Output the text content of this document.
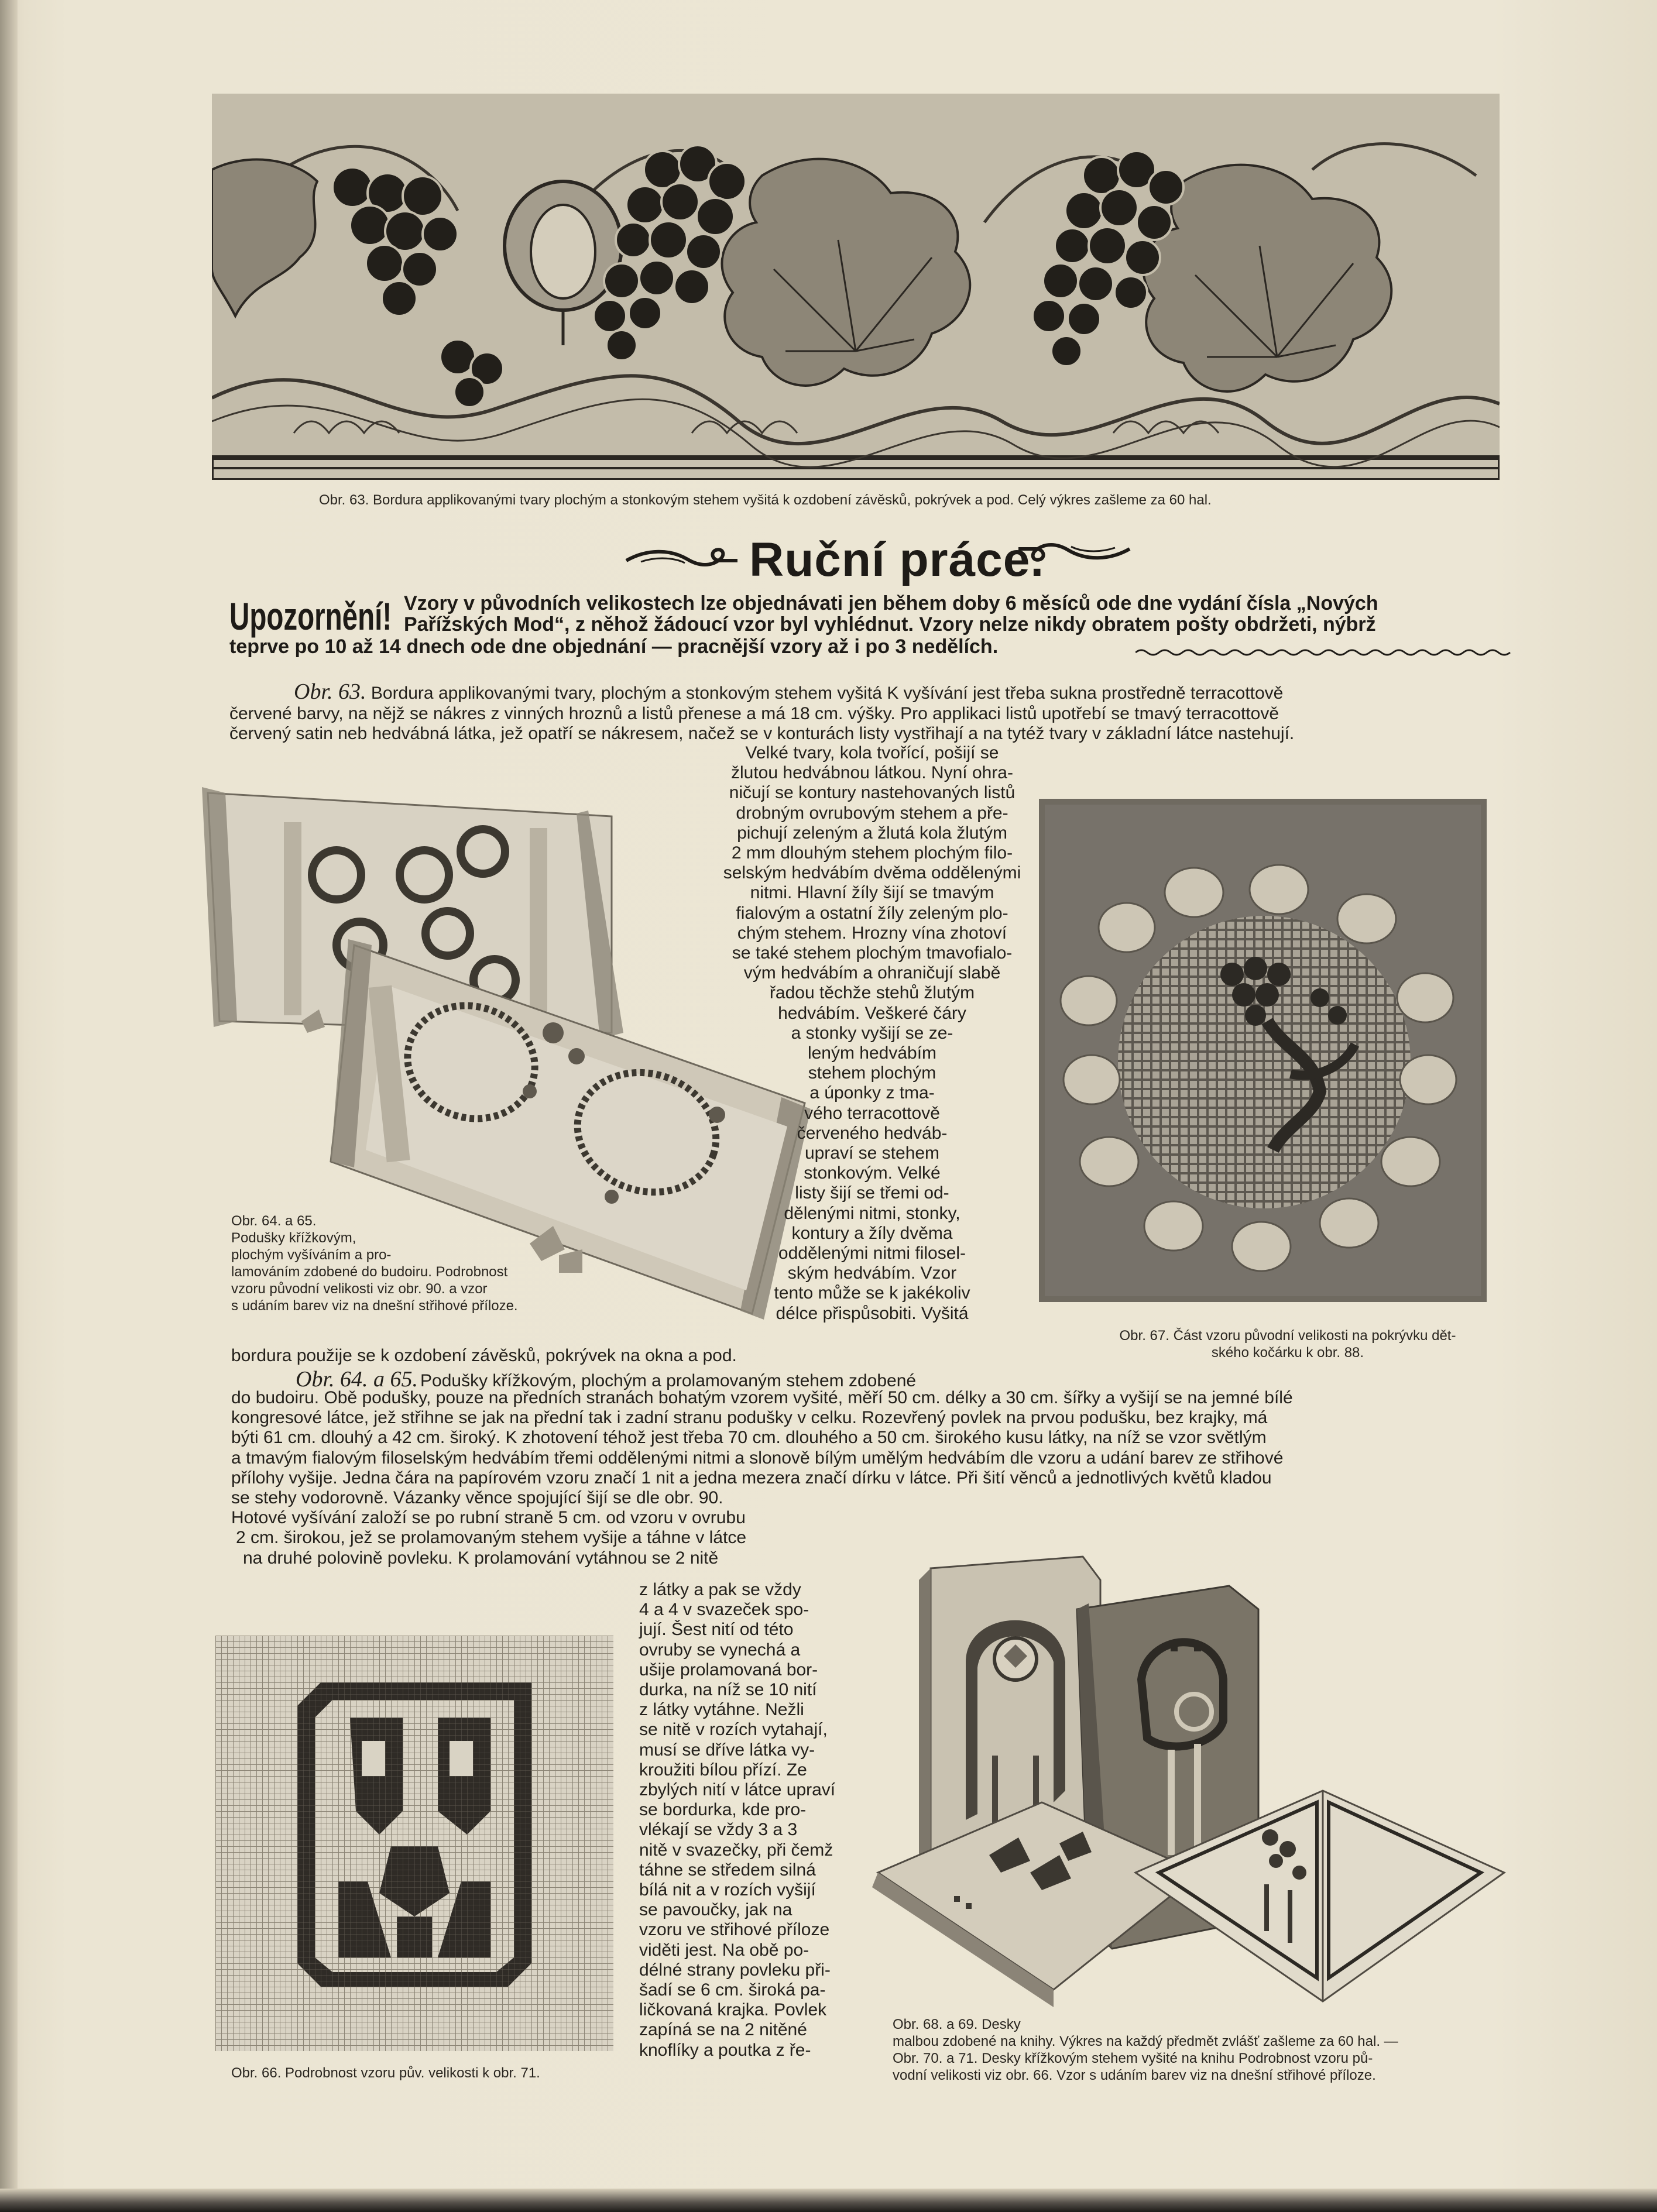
Obr. 63. Bordura applikovanými tvary plochým a stonkovým stehem vyšitá k ozdobení závěsků, pokrývek a pod. Celý výkres zašleme za 60 hal.
Ruční práce.
Upozornění! Vzory v původních velikostech lze objednávati jen během doby 6 měsíců ode dne vydání čísla „Nových
Pařížských Mod“, z něhož žádoucí vzor byl vyhlédnut. Vzory nelze nikdy obratem pošty obdržeti, nýbrž
teprve po 10 až 14 dnech ode dne objednání — pracnější vzory až i po 3 nedělích.
Obr. 63. Bordura applikovanými tvary, plochým a stonkovým stehem vyšitá K vyšívání jest třeba sukna prostředně terracottově
červené barvy, na nějž se nákres z vinných hroznů a listů přenese a má 18 cm. výšky. Pro applikaci listů upotřebí se tmavý terracottově
červený satin neb hedvábná látka, jež opatří se nákresem, načež se v konturách listy vystřihají a na tytéž tvary v základní látce nastehují.
Obr. 64. a 65.
Podušky křížkovým,
plochým vyšíváním a pro-
lamováním zdobené do budoiru. Podrobnost
vzoru původní velikosti viz obr. 90. a vzor
s udáním barev viz na dnešní střihové příloze.
Velké tvary, kola tvořící, pošijí se
žlutou hedvábnou látkou. Nyní ohra-
ničují se kontury nastehovaných listů
drobným ovrubovým stehem a pře-
pichují zeleným a žlutá kola žlutým
2 mm dlouhým stehem plochým filo-
selským hedvábím dvěma oddělenými
nitmi. Hlavní žíly šijí se tmavým
fialovým a ostatní žíly zeleným plo-
chým stehem. Hrozny vína zhotoví
se také stehem plochým tmavofialo-
vým hedvábím a ohraničují slabě
řadou těchže stehů žlutým
hedvábím. Veškeré čáry
a stonky vyšijí se ze-
leným hedvábím
stehem plochým
a úponky z tma-
vého terracottově
červeného hedváb-
upraví se stehem
stonkovým. Velké
listy šijí se třemi od-
dělenými nitmi, stonky,
kontury a žíly dvěma
oddělenými nitmi filosel-
ským hedvábím. Vzor
tento může se k jakékoliv
délce přispůsobiti. Vyšitá
Obr. 67. Část vzoru původní velikosti na pokrývku dět-
ského kočárku k obr. 88.
bordura použije se k ozdobení závěsků, pokrývek na okna a pod.
Obr. 64. a 65. Podušky křížkovým, plochým a prolamovaným stehem zdobené
do budoiru. Obě podušky, pouze na předních stranách bohatým vzorem vyšité, měří 50 cm. délky a 30 cm. šířky a vyšijí se na jemné bílé
kongresové látce, jež střihne se jak na přední tak i zadní stranu podušky v celku. Rozevřený povlek na prvou podušku, bez krajky, má
býti 61 cm. dlouhý a 42 cm. široký. K zhotovení téhož jest třeba 70 cm. dlouhého a 50 cm. širokého kusu látky, na níž se vzor světlým
a tmavým fialovým filoselským hedvábím třemi oddělenými nitmi a slonově bílým umělým hedvábím dle vzoru a udání barev ze střihové
přílohy vyšije. Jedna čára na papírovém vzoru značí 1 nit a jedna mezera značí dírku v látce. Při šití věnců a jednotlivých květů kladou
se stehy vodorovně. Vázanky věnce spojující šijí se dle obr. 90.
Hotové vyšívání založí se po rubní straně 5 cm. od vzoru v ovrubu
2 cm. širokou, jež se prolamovaným stehem vyšije a táhne v látce
na druhé polovině povleku. K prolamování vytáhnou se 2 nitě
Obr. 66. Podrobnost vzoru pův. velikosti k obr. 71.
z látky a pak se vždy
4 a 4 v svazeček spo-
jují. Šest nití od této
ovruby se vynechá a
ušije prolamovaná bor-
durka, na níž se 10 nití
z látky vytáhne. Nežli
se nitě v rozích vytahají,
musí se dříve látka vy-
kroužiti bílou přízí. Ze
zbylých nití v látce upraví
se bordurka, kde pro-
vlékají se vždy 3 a 3
nitě v svazečky, při čemž
táhne se středem silná
bílá nit a v rozích vyšijí
se pavoučky, jak na
vzoru ve střihové příloze
viděti jest. Na obě po-
délné strany povleku při-
šadí se 6 cm. široká pa-
ličkovaná krajka. Povlek
zapíná se na 2 nitěné
knoflíky a poutka z ře-
Obr. 68. a 69. Desky
malbou zdobené na knihy. Výkres na každý předmět zvlášť zašleme za 60 hal. —
Obr. 70. a 71. Desky křížkovým stehem vyšité na knihu Podrobnost vzoru pů-
vodní velikosti viz obr. 66. Vzor s udáním barev viz na dnešní střihové příloze.
